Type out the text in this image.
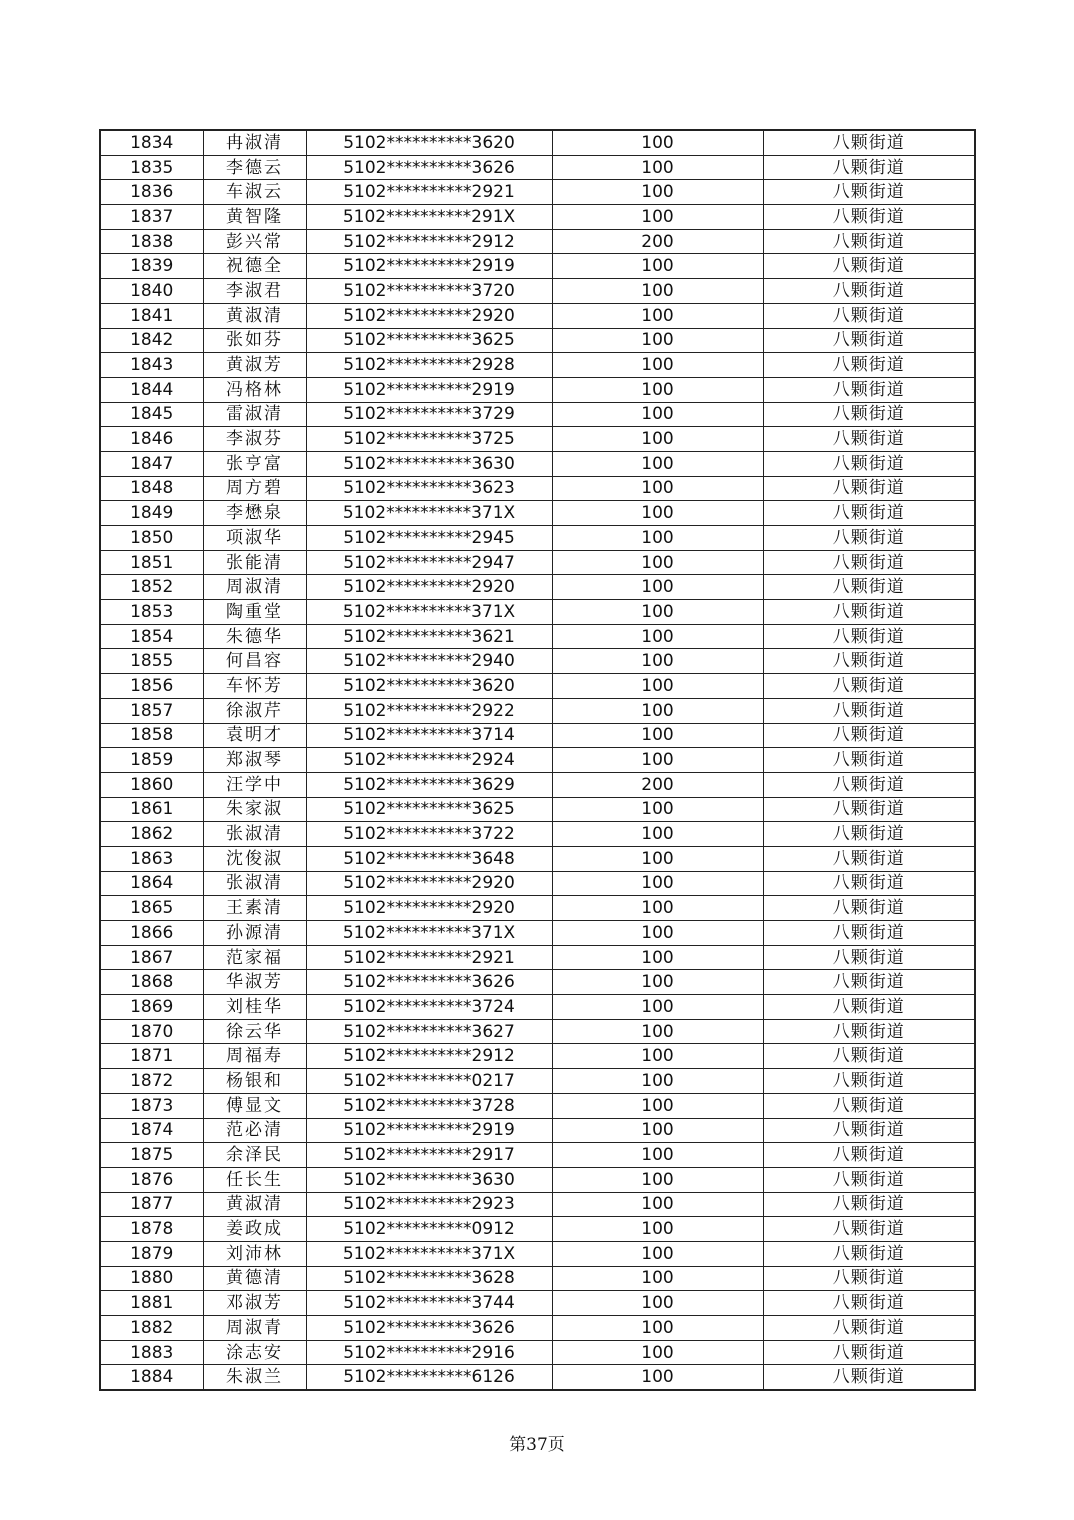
1834	冉淑清	5102**********3620	100	八颗街道
1835	李德云	5102**********3626	100	八颗街道
1836	车淑云	5102**********2921	100	八颗街道
1837	黄智隆	5102**********291X	100	八颗街道
1838	彭兴常	5102**********2912	200	八颗街道
1839	祝德全	5102**********2919	100	八颗街道
1840	李淑君	5102**********3720	100	八颗街道
1841	黄淑清	5102**********2920	100	八颗街道
1842	张如芬	5102**********3625	100	八颗街道
1843	黄淑芳	5102**********2928	100	八颗街道
1844	冯格林	5102**********2919	100	八颗街道
1845	雷淑清	5102**********3729	100	八颗街道
1846	李淑芬	5102**********3725	100	八颗街道
1847	张亨富	5102**********3630	100	八颗街道
1848	周方碧	5102**********3623	100	八颗街道
1849	李懋泉	5102**********371X	100	八颗街道
1850	项淑华	5102**********2945	100	八颗街道
1851	张能清	5102**********2947	100	八颗街道
1852	周淑清	5102**********2920	100	八颗街道
1853	陶重堂	5102**********371X	100	八颗街道
1854	朱德华	5102**********3621	100	八颗街道
1855	何昌容	5102**********2940	100	八颗街道
1856	车怀芳	5102**********3620	100	八颗街道
1857	徐淑芹	5102**********2922	100	八颗街道
1858	袁明才	5102**********3714	100	八颗街道
1859	郑淑琴	5102**********2924	100	八颗街道
1860	汪学中	5102**********3629	200	八颗街道
1861	朱家淑	5102**********3625	100	八颗街道
1862	张淑清	5102**********3722	100	八颗街道
1863	沈俊淑	5102**********3648	100	八颗街道
1864	张淑清	5102**********2920	100	八颗街道
1865	王素清	5102**********2920	100	八颗街道
1866	孙源清	5102**********371X	100	八颗街道
1867	范家福	5102**********2921	100	八颗街道
1868	华淑芳	5102**********3626	100	八颗街道
1869	刘桂华	5102**********3724	100	八颗街道
1870	徐云华	5102**********3627	100	八颗街道
1871	周福寿	5102**********2912	100	八颗街道
1872	杨银和	5102**********0217	100	八颗街道
1873	傅显文	5102**********3728	100	八颗街道
1874	范必清	5102**********2919	100	八颗街道
1875	余泽民	5102**********2917	100	八颗街道
1876	任长生	5102**********3630	100	八颗街道
1877	黄淑清	5102**********2923	100	八颗街道
1878	姜政成	5102**********0912	100	八颗街道
1879	刘沛林	5102**********371X	100	八颗街道
1880	黄德清	5102**********3628	100	八颗街道
1881	邓淑芳	5102**********3744	100	八颗街道
1882	周淑青	5102**********3626	100	八颗街道
1883	涂志安	5102**********2916	100	八颗街道
1884	朱淑兰	5102**********6126	100	八颗街道
第37页
